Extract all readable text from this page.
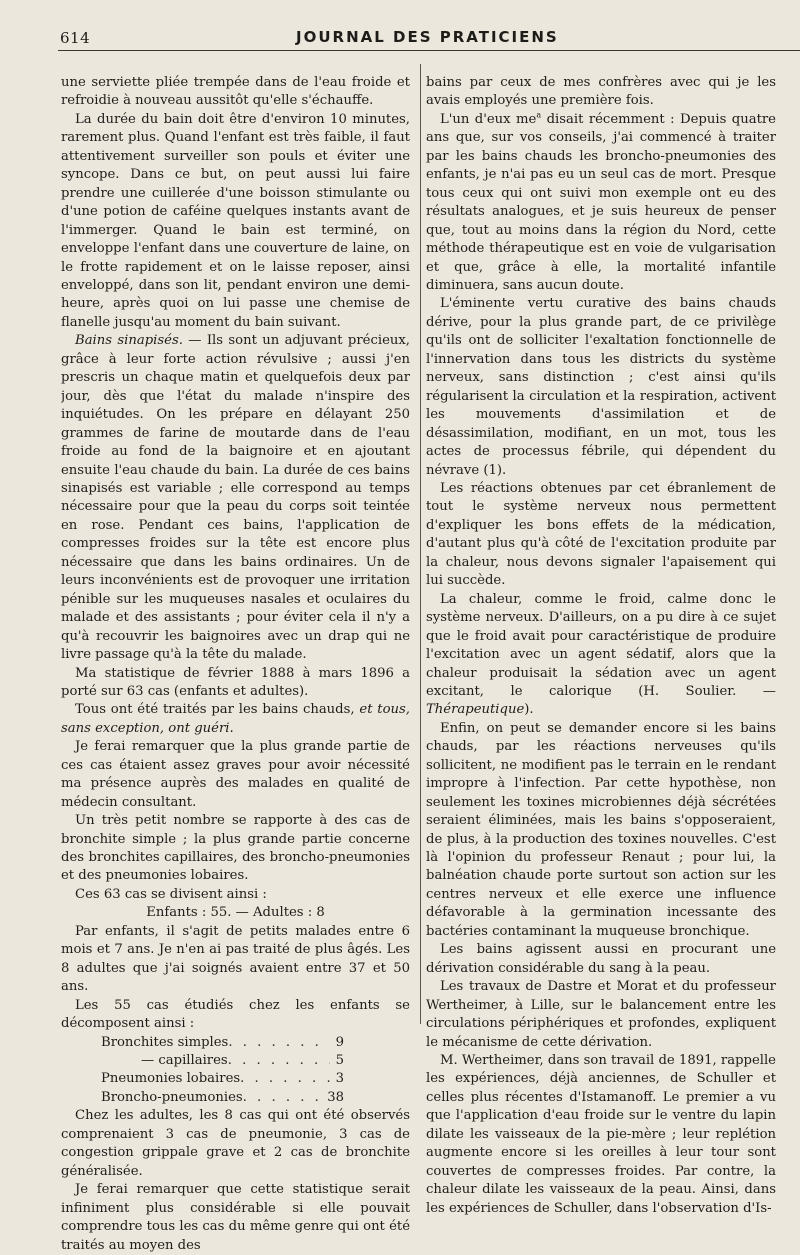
614	JOURNAL DES PRATICIENS

une serviette pliée trempée dans de l'eau froide et refroidie à nouveau aussitôt qu'elle s'échauffe.

La durée du bain doit être d'environ 10 minutes, rarement plus. Quand l'enfant est très faible, il faut attentivement surveiller son pouls et éviter une syncope. Dans ce but, on peut aussi lui faire prendre une cuillerée d'une boisson stimulante ou d'une potion de caféine quelques instants avant de l'immerger. Quand le bain est terminé, on enveloppe l'enfant dans une couverture de laine, on le frotte rapidement et on le laisse reposer, ainsi enveloppé, dans son lit, pendant environ une demi-heure, après quoi on lui passe une chemise de flanelle jusqu'au moment du bain suivant.

Bains sinapisés. — Ils sont un adjuvant précieux, grâce à leur forte action révulsive ; aussi j'en prescris un chaque matin et quelquefois deux par jour, dès que l'état du malade n'inspire des inquiétudes. On les prépare en délayant 250 grammes de farine de moutarde dans de l'eau froide au fond de la baignoire et en ajoutant ensuite l'eau chaude du bain. La durée de ces bains sinapisés est variable ; elle correspond au temps nécessaire pour que la peau du corps soit teintée en rose. Pendant ces bains, l'application de compresses froides sur la tête est encore plus nécessaire que dans les bains ordinaires. Un de leurs inconvénients est de provoquer une irritation pénible sur les muqueuses nasales et oculaires du malade et des assistants ; pour éviter cela il n'y a qu'à recouvrir les baignoires avec un drap qui ne livre passage qu'à la tête du malade.

Ma statistique de février 1888 à mars 1896 a porté sur 63 cas (enfants et adultes).

Tous ont été traités par les bains chauds, et tous, sans exception, ont guéri.

Je ferai remarquer que la plus grande partie de ces cas étaient assez graves pour avoir nécessité ma présence auprès des malades en qualité de médecin consultant.

Un très petit nombre se rapporte à des cas de bronchite simple ; la plus grande partie concerne des bronchites capillaires, des broncho-pneumonies et des pneumonies lobaires.

Ces 63 cas se divisent ainsi :

Enfants : 55. — Adultes : 8

Par enfants, il s'agit de petits malades entre 6 mois et 7 ans. Je n'en ai pas traité de plus âgés. Les 8 adultes que j'ai soignés avaient entre 37 et 50 ans.

Les 55 cas étudiés chez les enfants se décomposent ainsi :

Bronchites simples . . .	9
— capillaires . . .	5
Pneumonies lobaires . . .	3
Broncho-pneumonies . . .	38

Chez les adultes, les 8 cas qui ont été observés comprenaient 3 cas de pneumonie, 3 cas de congestion grippale grave et 2 cas de bronchite généralisée.

Je ferai remarquer que cette statistique serait infiniment plus considérable si elle pouvait comprendre tous les cas du même genre qui ont été traités au moyen des

bains par ceux de mes confrères avec qui je les avais employés une première fois.

L'un d'eux $me^a$ disait récemment : Depuis quatre ans que, sur vos conseils, j'ai commencé à traiter par les bains chauds les broncho-pneumonies des enfants, je n'ai pas eu un seul cas de mort. Presque tous ceux qui ont suivi mon exemple ont eu des résultats analogues, et je suis heureux de penser que, tout au moins dans la région du Nord, cette méthode thérapeutique est en voie de vulgarisation et que, grâce à elle, la mortalité infantile diminuera, sans aucun doute.

L'éminente vertu curative des bains chauds dérive, pour la plus grande part, de ce privilège qu'ils ont de solliciter l'exaltation fonctionnelle de l'innervation dans tous les districts du système nerveux, sans distinction ; c'est ainsi qu'ils régularisent la circulation et la respiration, activent les mouvements d'assimilation et de désassimilation, modifiant, en un mot, tous les actes de processus fébrile, qui dépendent du névrave (1).

Les réactions obtenues par cet ébranlement de tout le système nerveux nous permettent d'expliquer les bons effets de la médication, d'autant plus qu'à côté de l'excitation produite par la chaleur, nous devons signaler l'apaisement qui lui succède.

La chaleur, comme le froid, calme donc le système nerveux. D'ailleurs, on a pu dire à ce sujet que le froid avait pour caractéristique de produire l'excitation avec un agent sédatif, alors que la chaleur produisait la sédation avec un agent excitant, le calorique (H. Soulier. — Thérapeutique).

Enfin, on peut se demander encore si les bains chauds, par les réactions nerveuses qu'ils sollicitent, ne modifient pas le terrain en le rendant impropre à l'infection. Par cette hypothèse, non seulement les toxines microbiennes déjà sécrétées seraient éliminées, mais les bains s'opposeraient, de plus, à la production des toxines nouvelles. C'est là l'opinion du professeur Renaut ; pour lui, la balnéation chaude porte surtout son action sur les centres nerveux et elle exerce une influence défavorable à la germination incessante des bactéries contaminant la muqueuse bronchique.

Les bains agissent aussi en procurant une dérivation considérable du sang à la peau.

Les travaux de Dastre et Morat et du professeur Wertheimer, à Lille, sur le balancement entre les circulations périphériques et profondes, expliquent le mécanisme de cette dérivation.

M. Wertheimer, dans son travail de 1891, rappelle les expériences, déjà anciennes, de Schuller et celles plus récentes d'Istamanoff. Le premier a vu que l'application d'eau froide sur le ventre du lapin dilate les vaisseaux de la pie-mère ; leur replétion augmente encore si les oreilles à leur tour sont couvertes de compresses froides. Par contre, la chaleur dilate les vaisseaux de la peau. Ainsi, dans les expériences de Schuller, dans l'observation d'Is-
